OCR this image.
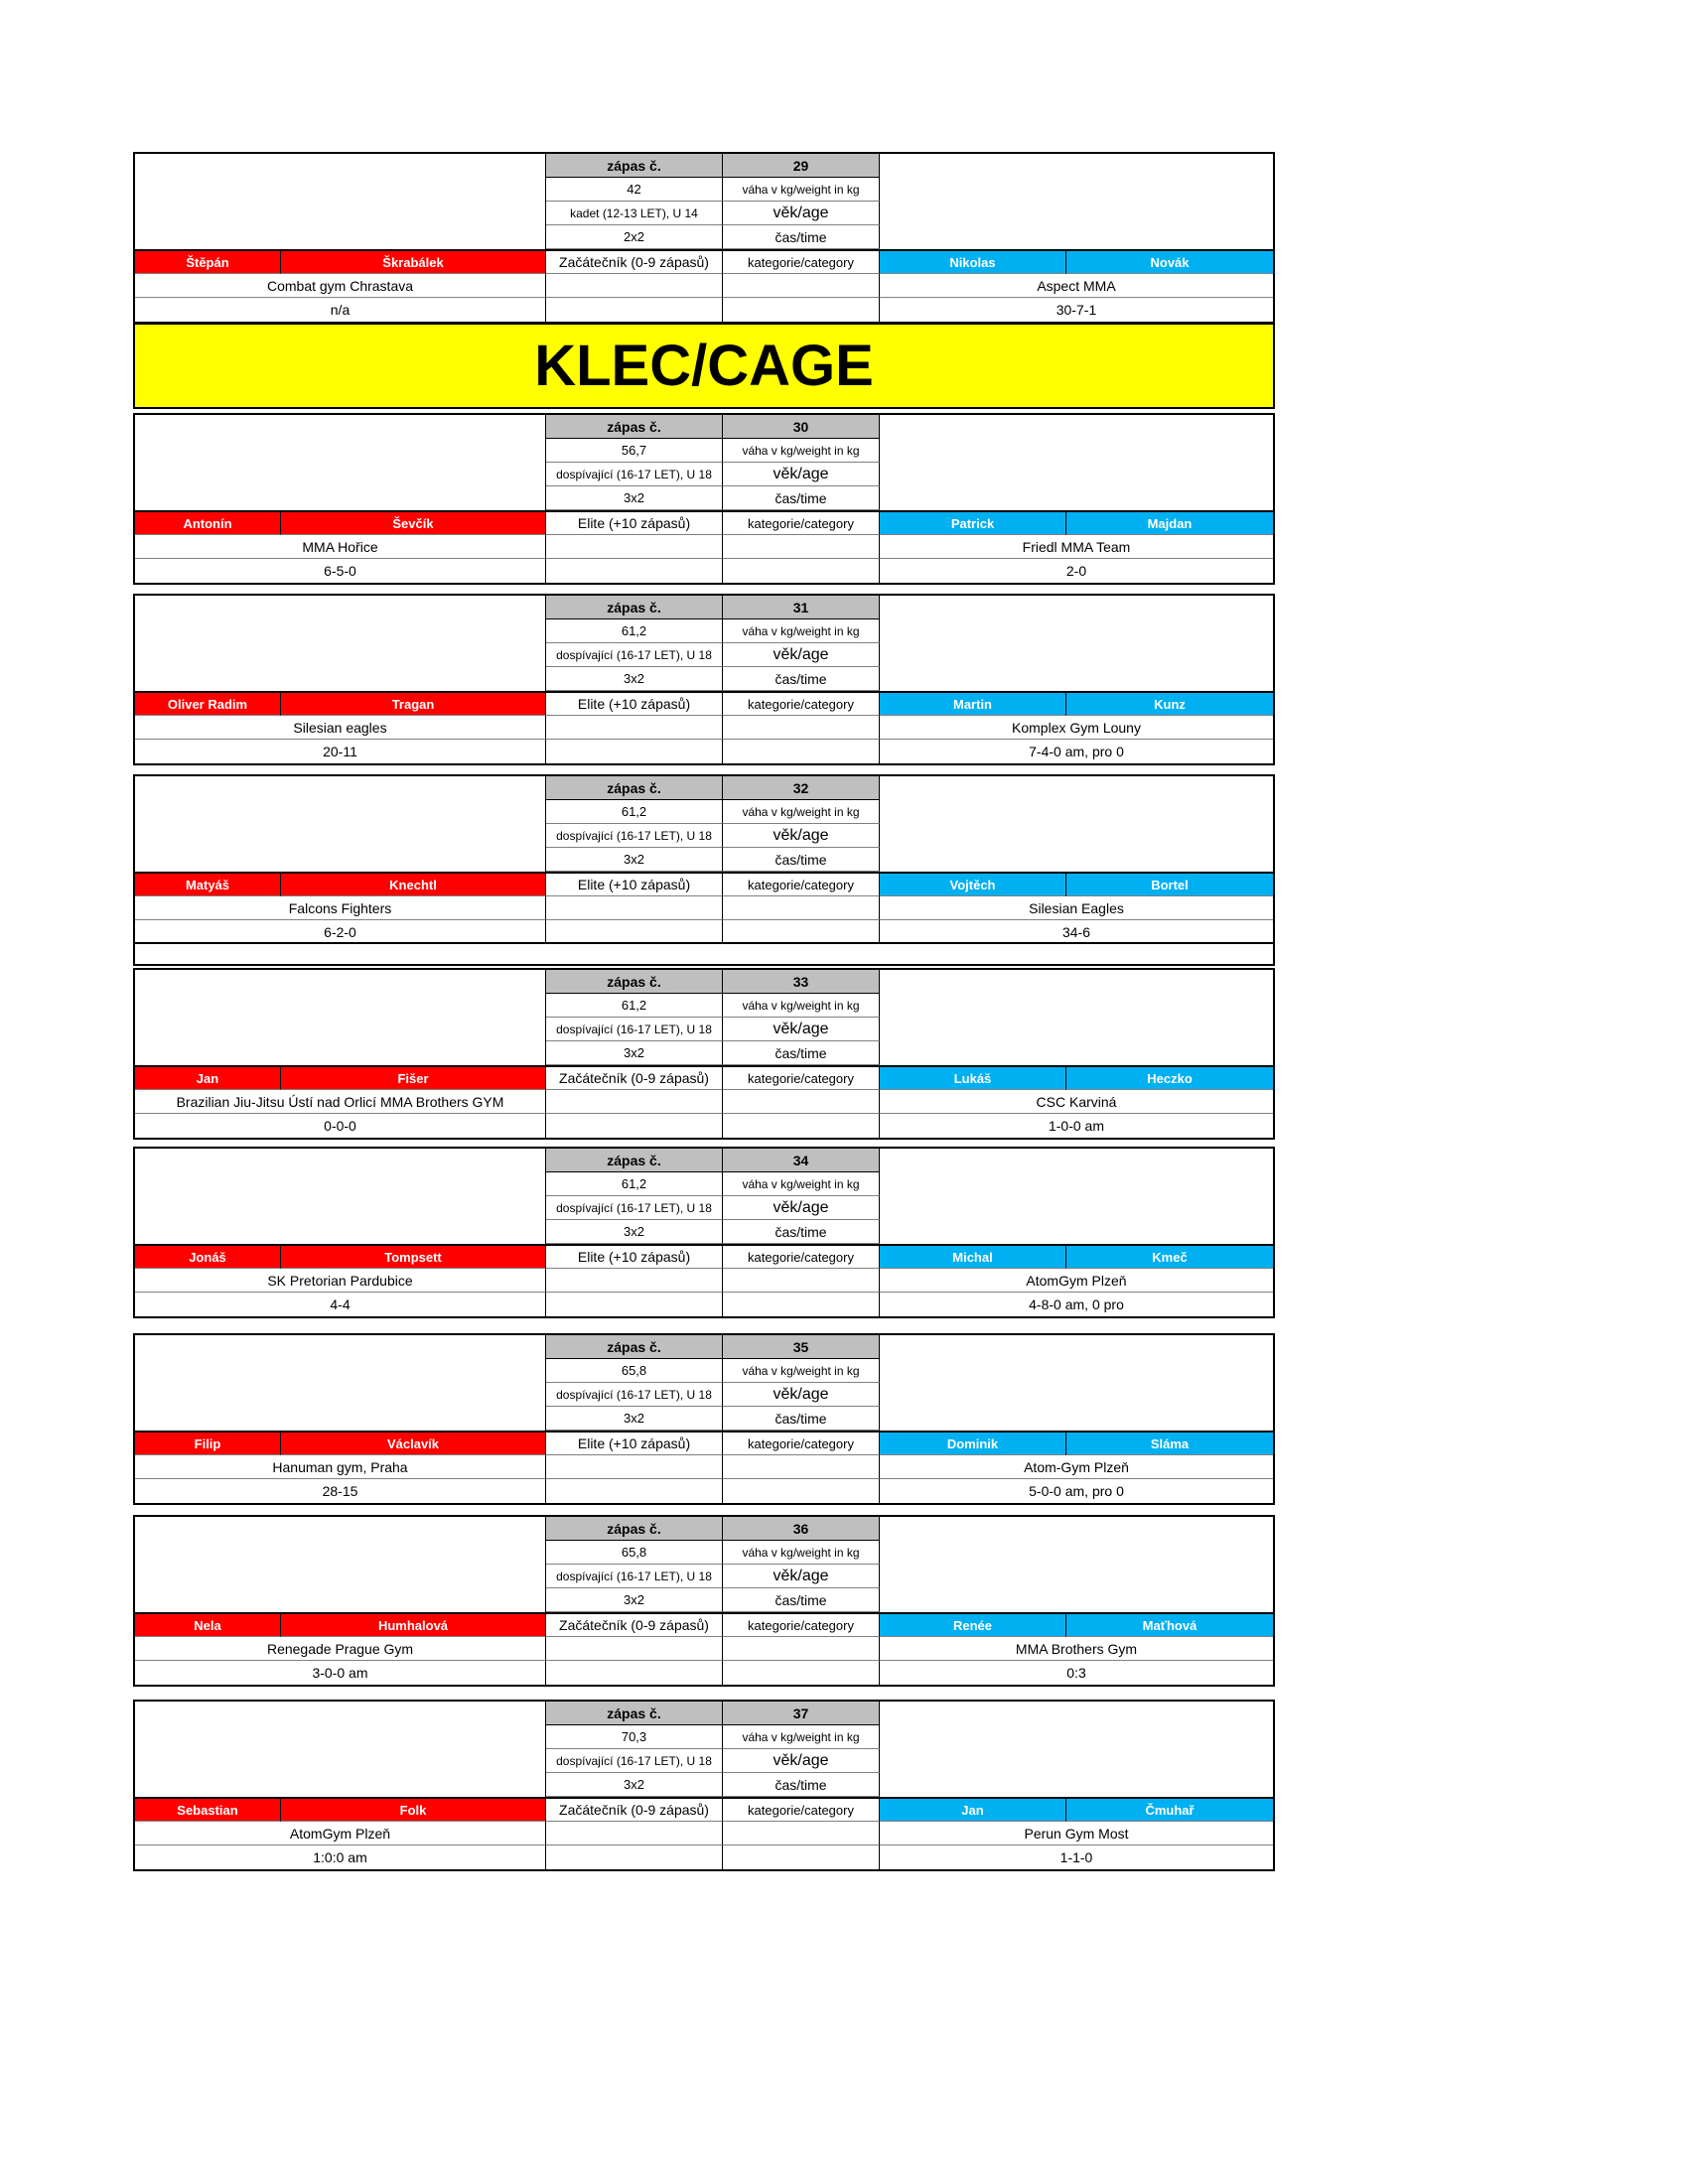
zápas č.	29
42	váha v kg/weight in kg
kadet (12-13 LET), U 14	věk/age
2x2	čas/time
Štěpán	Škrabálek	Začátečník (0-9 zápasů)	kategorie/category	Nikolas	Novák
Combat gym Chrastava	Aspect MMA
n/a	30-7-1
zápas č.	30
56,7	váha v kg/weight in kg
dospívající (16-17 LET), U 18	věk/age
3x2	čas/time
Antonín	Ševčík	Elite (+10 zápasů)	kategorie/category	Patrick	Majdan
MMA Hořice	Friedl MMA Team
6-5-0	2-0
zápas č.	31
61,2	váha v kg/weight in kg
dospívající (16-17 LET), U 18	věk/age
3x2	čas/time
Oliver Radim	Tragan	Elite (+10 zápasů)	kategorie/category	Martin	Kunz
Silesian eagles	Komplex Gym Louny
20-11	7-4-0 am, pro 0
zápas č.	32
61,2	váha v kg/weight in kg
dospívající (16-17 LET), U 18	věk/age
3x2	čas/time
Matyáš	Knechtl	Elite (+10 zápasů)	kategorie/category	Vojtěch	Bortel
Falcons Fighters	Silesian Eagles
6-2-0	34-6
zápas č.	33
61,2	váha v kg/weight in kg
dospívající (16-17 LET), U 18	věk/age
3x2	čas/time
Jan	Fišer	Začátečník (0-9 zápasů)	kategorie/category	Lukáš	Heczko
Brazilian Jiu-Jitsu Ústí nad Orlicí MMA Brothers GYM	CSC Karviná
0-0-0	1-0-0 am
zápas č.	34
61,2	váha v kg/weight in kg
dospívající (16-17 LET), U 18	věk/age
3x2	čas/time
Jonáš	Tompsett	Elite (+10 zápasů)	kategorie/category	Michal	Kmeč
SK Pretorian Pardubice	AtomGym Plzeň
4-4	4-8-0 am, 0 pro
zápas č.	35
65,8	váha v kg/weight in kg
dospívající (16-17 LET), U 18	věk/age
3x2	čas/time
Filip	Václavík	Elite (+10 zápasů)	kategorie/category	Dominik	Sláma
Hanuman gym, Praha	Atom-Gym Plzeň
28-15	5-0-0 am, pro 0
zápas č.	36
65,8	váha v kg/weight in kg
dospívající (16-17 LET), U 18	věk/age
3x2	čas/time
Nela	Humhalová	Začátečník (0-9 zápasů)	kategorie/category	Renée	Maťhová
Renegade Prague Gym	MMA Brothers Gym
3-0-0 am	0:3
zápas č.	37
70,3	váha v kg/weight in kg
dospívající (16-17 LET), U 18	věk/age
3x2	čas/time
Sebastian	Folk	Začátečník (0-9 zápasů)	kategorie/category	Jan	Čmuhař
AtomGym Plzeň	Perun Gym Most
1:0:0 am	1-1-0
KLEC/CAGE
